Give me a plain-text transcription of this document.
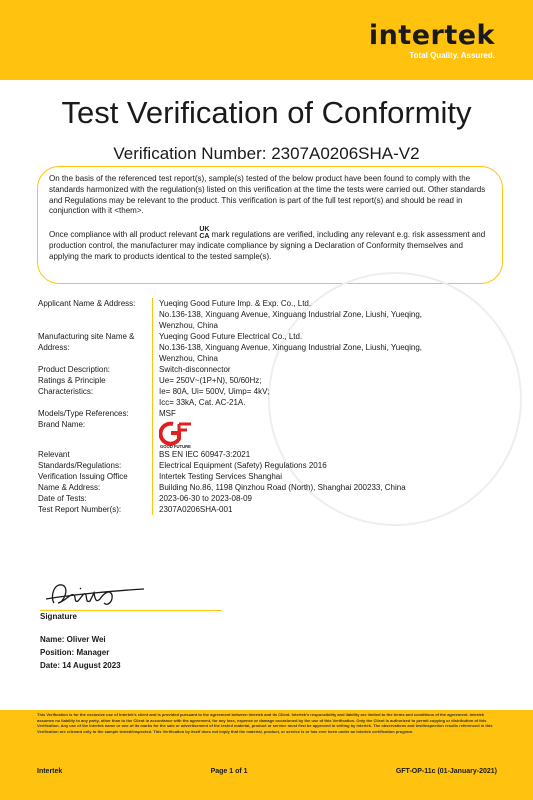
intertek
Total Quality. Assured.
Test Verification of Conformity
Verification Number: 2307A0206SHA-V2

On the basis of the referenced test report(s), sample(s) tested of the below product have been found to comply with the standards harmonized with the regulation(s) listed on this verification at the time the tests were carried out. Other standards and Regulations may be relevant to the product. This verification is part of the full test report(s) and should be read in conjunction with it <them>.

Once compliance with all product relevant UK
CA mark regulations are verified, including any relevant e.g. risk assessment and production control, the manufacturer may indicate compliance by signing a Declaration of Conformity themselves and applying the mark to products identical to the tested sample(s).

Applicant Name & Address:	Yueqing Good Future Imp. & Exp. Co., Ltd.
No.136-138, Xinguang Avenue, Xinguang Industrial Zone, Liushi, Yueqing,
Wenzhou, China
Manufacturing site Name &
Address:
Yueqing Good Future Electrical Co., Ltd.
No.136-138, Xinguang Avenue, Xinguang Industrial Zone, Liushi, Yueqing,
Wenzhou, China
Product Description:	Switch-disconnector
Ratings & Principle
Characteristics:
Ue= 250V~(1P+N), 50/60Hz;
Ie= 80A, Ui= 500V, Uimp= 4kV;
Icc= 33kA, Cat. AC-21A.
Models/Type References:	MSF
Brand Name:
GOOD FUTURE
Relevant
Standards/Regulations:
BS EN IEC 60947-3:2021
Electrical Equipment (Safety) Regulations 2016
Verification Issuing Office
Name & Address:
Intertek Testing Services Shanghai
Building No.86, 1198 Qinzhou Road (North), Shanghai 200233, China
Date of Tests:	2023-06-30 to 2023-08-09
Test Report Number(s):	2307A0206SHA-001
Signature
Name: Oliver Wei
Position: Manager
Date: 14 August 2023
This Verification is for the exclusive use of Intertek's client and is provided pursuant to the agreement between Intertek and its Client. Intertek's responsibility and liability are limited to the terms and conditions of the agreement. Intertek assumes no liability to any party, other than to the Client in accordance with the agreement, for any loss, expense or damage occasioned by the use of this Verification. Only the Client is authorized to permit copying or distribution of this Verification. Any use of the Intertek name or one of its marks for the sale or advertisement of the tested material, product or service must first be approved in writing by Intertek. The observations and test/inspection results referenced in this Verification are relevant only to the sample tested/inspected. This Verification by itself does not imply that the material, product, or service is or has ever been under an Intertek certification program.
Intertek	Page 1 of 1	GFT-OP-11c (01-January-2021)
